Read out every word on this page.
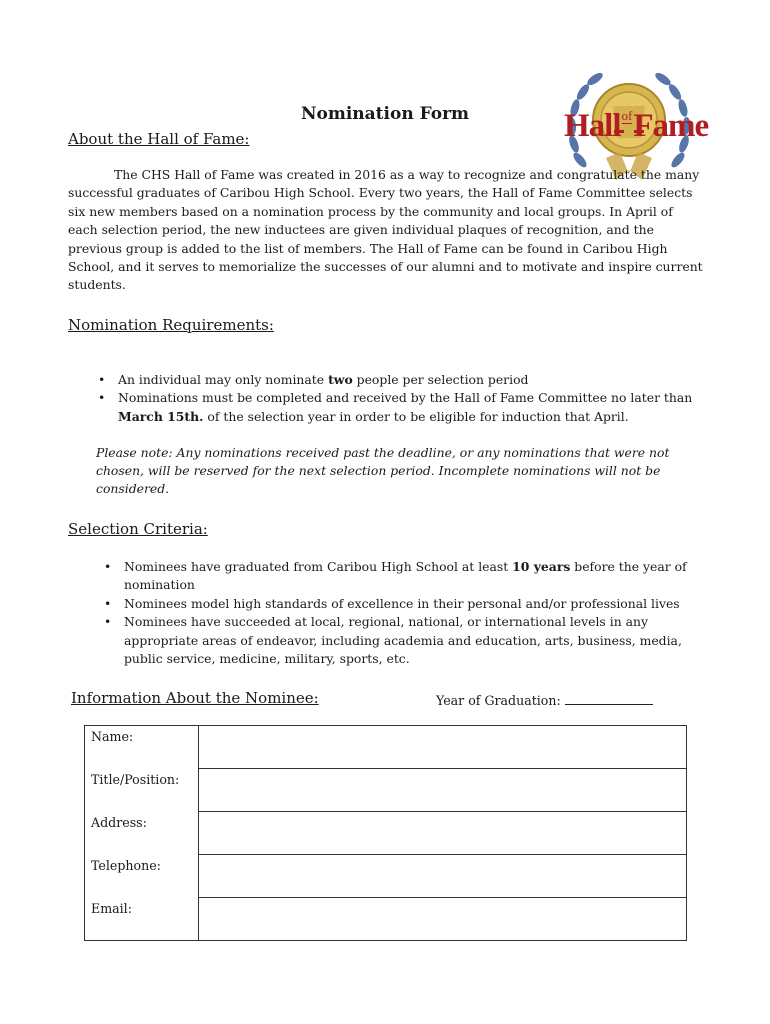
Hall$^{of}$Fame
Nomination Form
About the Hall of Fame:
The CHS Hall of Fame was created in 2016 as a way to recognize and congratulate the many successful graduates of Caribou High School. Every two years, the Hall of Fame Committee selects six new members based on a nomination process by the community and local groups. In April of each selection period, the new inductees are given individual plaques of recognition, and the previous group is added to the list of members. The Hall of Fame can be found in Caribou High School, and it serves to memorialize the successes of our alumni and to motivate and inspire current students.
Nomination Requirements:
• An individual may only nominate two people per selection period
• Nominations must be completed and received by the Hall of Fame Committee no later than March 15th. of the selection year in order to be eligible for induction that April.
Please note: Any nominations received past the deadline, or any nominations that were not chosen, will be reserved for the next selection period. Incomplete nominations will not be considered.
Selection Criteria:
• Nominees have graduated from Caribou High School at least 10 years before the year of nomination
• Nominees model high standards of excellence in their personal and/or professional lives
• Nominees have succeeded at local, regional, national, or international levels in any appropriate areas of endeavor, including academia and education, arts, business, media, public service, medicine, military, sports, etc.
Information About the Nominee:	Year of Graduation:
Name:	
Title/Position:	
Address:	
Telephone:	
Email:	
